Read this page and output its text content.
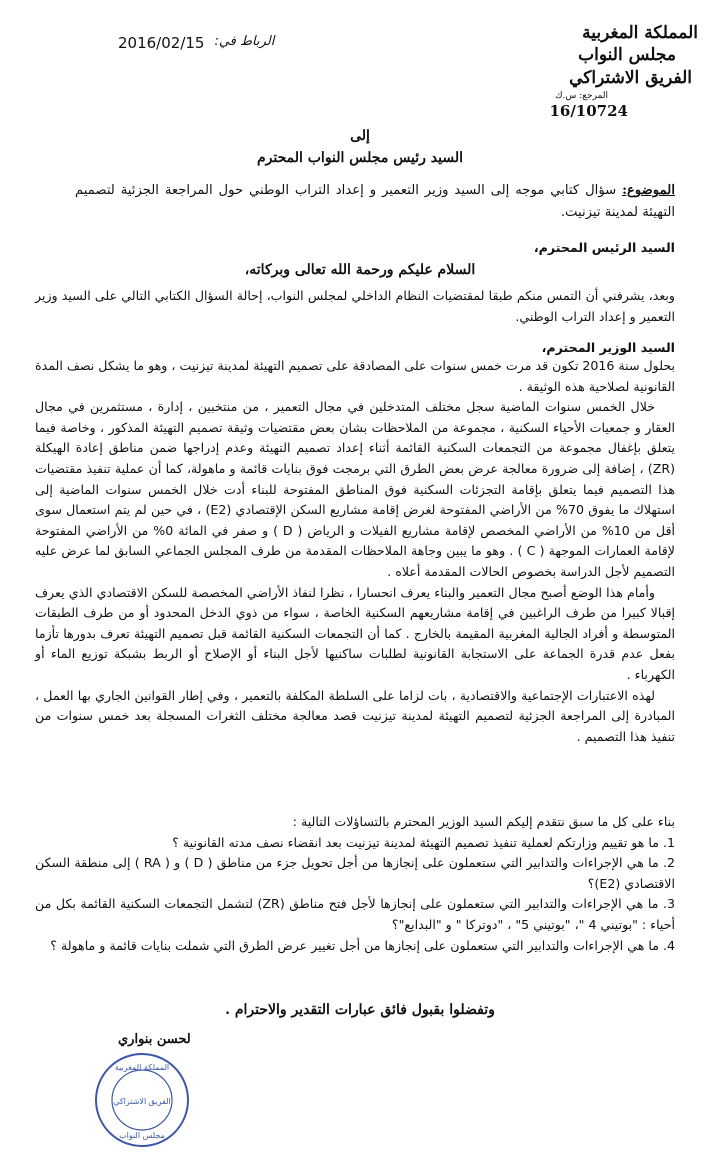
المملكة المغربية
مجلس النواب
الفريق الاشتراكي
المرجع: س.ك
16/10724
الرباط في:
2016/02/15
إلى
السيد رئيس مجلس النواب المحترم
الموضوع: سؤال كتابي موجه إلى السيد وزير التعمير و إعداد التراب الوطني حول المراجعة الجزئية لتصميم التهيئة لمدينة تيزنيت.
السيد الرئيس المحترم،
السلام عليكم ورحمة الله تعالى وبركاته،
وبعد، يشرفني أن التمس منكم طبقا لمقتضيات النظام الداخلي لمجلس النواب، إحالة السؤال الكتابي التالي على السيد وزير التعمير و إعداد التراب الوطني.
السيد الوزير المحترم،

بحلول سنة 2016 تكون قد مرت خمس سنوات على المصادقة على تصميم التهيئة لمدينة تيزنيت ، وهو ما يشكل نصف المدة القانونية لصلاحية هذه الوثيقة .

خلال الخمس سنوات الماضية سجل مختلف المتدخلين في مجال التعمير ، من منتخبين ، إدارة ، مستثمرين في مجال العقار و جمعيات الأحياء السكنية ، مجموعة من الملاحظات بشان بعض مقتضيات وثيقة تصميم التهيئة المذكور ، وخاصة فيما يتعلق بإغفال مجموعة من التجمعات السكنية القائمة أثناء إعداد تصميم التهيئة وعدم إدراجها ضمن مناطق إعادة الهيكلة (ZR) ، إضافة إلى ضرورة معالجة عرض بعض الطرق التي برمجت فوق بنايات قائمة و ماهولة، كما أن عملية تنفيذ مقتضيات هذا التصميم فيما يتعلق بإقامة التجزئات السكنية فوق المناطق المفتوحة للبناء أدت خلال الخمس سنوات الماضية إلى استهلاك ما يفوق 70% من الأراضي المفتوحة لغرض إقامة مشاريع السكن الإقتصادي (E2) ، في حين لم يتم استعمال سوى أقل من 10% من الأراضي المخصص لإقامة مشاريع الفيلات و الرياض ( D ) و صفر في المائة 0% من الأراضي المفتوحة لإقامة العمارات الموجهة ( C ) . وهو ما يبين وجاهة الملاحظات المقدمة من طرف المجلس الجماعي السابق لما عرض عليه التصميم لأجل الدراسة بخصوص الحالات المقدمة أعلاه .

وأمام هذا الوضع أصبح مجال التعمير والبناء يعرف انحسارا ، نظرا لنفاذ الأراضي المخصصة للسكن الاقتصادي الذي يعرف إقبالا كبيرا من طرف الراغبين في إقامة مشاريعهم السكنية الخاصة ، سواء من ذوي الدخل المحدود أو من طرف الطبقات المتوسطة و أفراد الجالية المغربية المقيمة بالخارج . كما أن التجمعات السكنية القائمة قبل تصميم التهيئة تعرف بدورها تأزما بفعل عدم قدرة الجماعة على الاستجابة القانونية لطلبات ساكنيها لأجل البناء أو الإصلاح أو الربط بشبكة توزيع الماء أو الكهرباء .

لهذه الاعتبارات الإجتماعية والاقتصادية ، بات لزاما على السلطة المكلفة بالتعمير ، وفي إطار القوانين الجاري بها العمل ، المبادرة إلى المراجعة الجزئية لتصميم التهيئة لمدينة تيزنيت قصد معالجة مختلف الثغرات المسجلة بعد خمس سنوات من تنفيذ هذا التصميم .

بناء على كل ما سبق نتقدم إليكم السيد الوزير المحترم بالتساؤلات التالية :

1. ما هو تقييم وزارتكم لعملية تنفيذ تصميم التهيئة لمدينة تيزنيت بعد انقضاء نصف مدته القانونية ؟

2. ما هي الإجراءات والتدابير التي ستعملون على إنجازها من أجل تحويل جزء من مناطق ( D ) و ( RA ) إلى منطقة السكن الاقتصادي (E2)؟

3. ما هي الإجراءات والتدابير التي ستعملون على إنجازها لأجل فتح مناطق (ZR) لتشمل التجمعات السكنية القائمة بكل من أحياء : "بوتيني 4 "، "بوتيني 5" ، "دوتركا " و "البدايع"؟

4. ما هي الإجراءات والتدابير التي ستعملون على إنجازها من أجل تغيير عرض الطرق التي شملت بنايات قائمة و ماهولة ؟

وتفضلوا بقبول فائق عبارات التقدير والاحترام .
لحسن بنواري
المملكة المغربية
الفريق الاشتراكي
مجلس النواب
